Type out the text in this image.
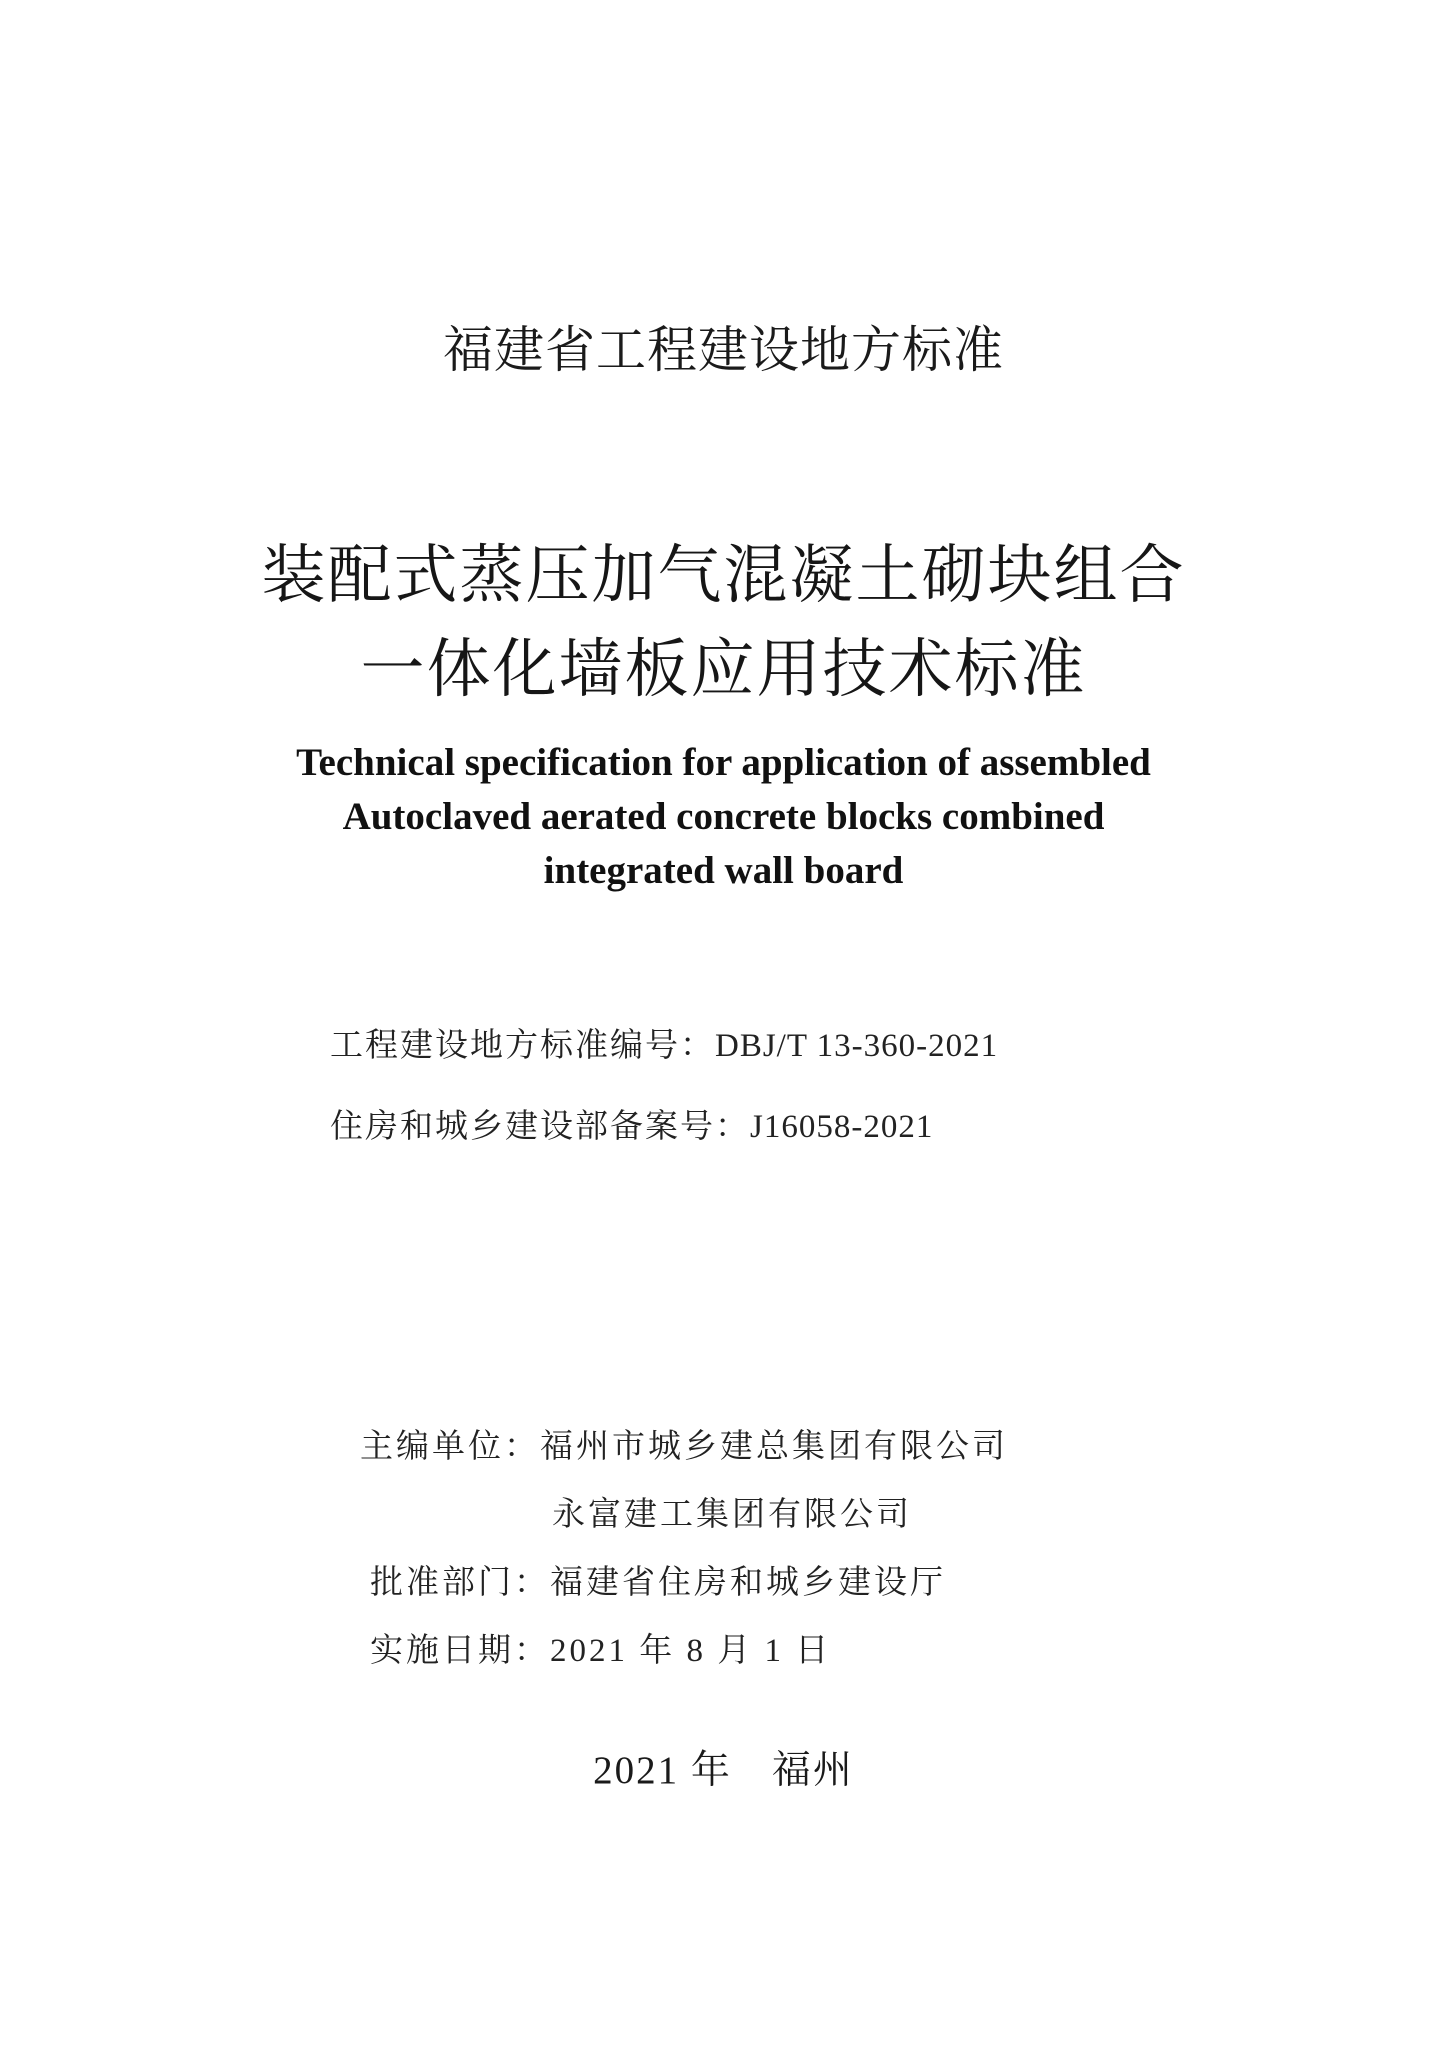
福建省工程建设地方标准
装配式蒸压加气混凝土砌块组合
一体化墙板应用技术标准
Technical specification for application of assembled
Autoclaved aerated concrete blocks combined
integrated wall board
工程建设地方标准编号：DBJ/T 13-360-2021
住房和城乡建设部备案号：J16058-2021
主编单位：福州市城乡建总集团有限公司
永富建工集团有限公司
批准部门：福建省住房和城乡建设厅
实施日期：2021 年 8 月 1 日
2021 年 福州
